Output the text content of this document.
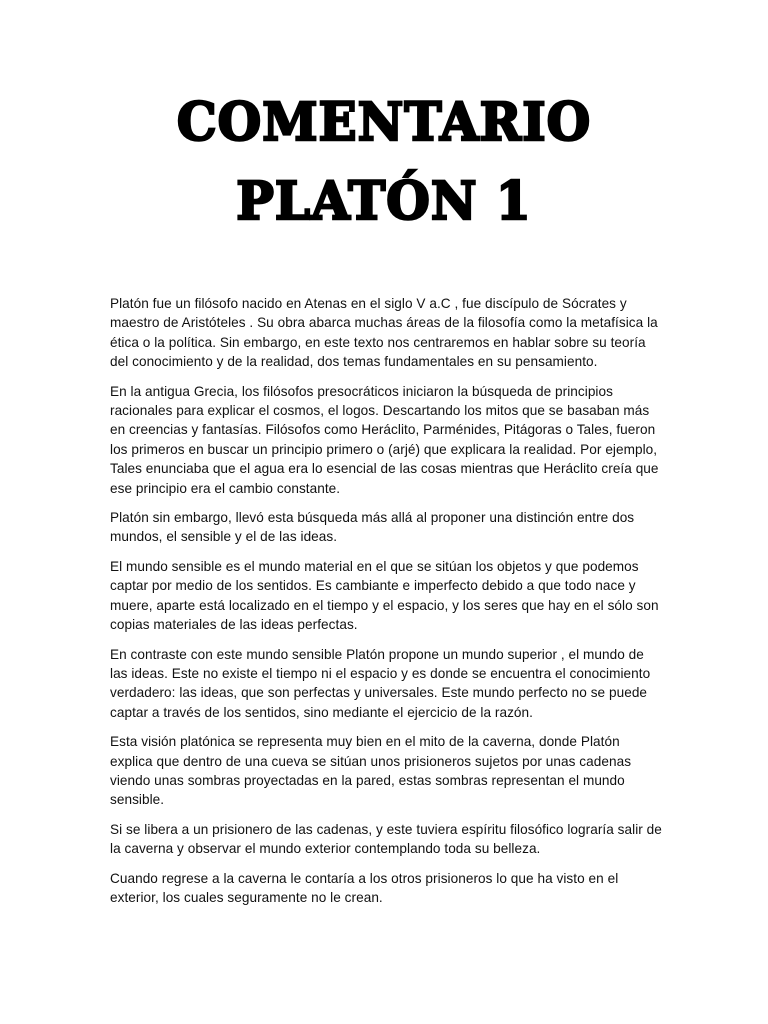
COMENTARIO
PLATÓN 1

Platón fue un filósofo nacido en Atenas en el siglo V a.C , fue discípulo de Sócrates y maestro de Aristóteles . Su obra abarca muchas áreas de la filosofía como la metafísica la ética o la política. Sin embargo, en este texto nos centraremos en hablar sobre su teoría del conocimiento y de la realidad, dos temas fundamentales en su pensamiento.

En la antigua Grecia, los filósofos presocráticos iniciaron la búsqueda de principios racionales para explicar el cosmos, el logos. Descartando los mitos que se basaban más en creencias y fantasías. Filósofos como Heráclito, Parménides, Pitágoras o Tales, fueron los primeros en buscar un principio primero o (arjé) que explicara la realidad. Por ejemplo, Tales enunciaba que el agua era lo esencial de las cosas mientras que Heráclito creía que ese principio era el cambio constante.

Platón sin embargo, llevó esta búsqueda más allá al proponer una distinción entre dos mundos, el sensible y el de las ideas.

El mundo sensible es el mundo material en el que se sitúan los objetos y que podemos captar por medio de los sentidos. Es cambiante e imperfecto debido a que todo nace y muere, aparte está localizado en el tiempo y el espacio, y los seres que hay en el sólo son copias materiales de las ideas perfectas.

En contraste con este mundo sensible Platón propone un mundo superior , el mundo de las ideas. Este no existe el tiempo ni el espacio y es donde se encuentra el conocimiento verdadero: las ideas, que son perfectas y universales. Este mundo perfecto no se puede captar a través de los sentidos, sino mediante el ejercicio de la razón.

Esta visión platónica se representa muy bien en el mito de la caverna, donde Platón explica que dentro de una cueva se sitúan unos prisioneros sujetos por unas cadenas viendo unas sombras proyectadas en la pared, estas sombras representan el mundo sensible.

Si se libera a un prisionero de las cadenas, y este tuviera espíritu filosófico lograría salir de la caverna y observar el mundo exterior contemplando toda su belleza.

Cuando regrese a la caverna le contaría a los otros prisioneros lo que ha visto en el exterior, los cuales seguramente no le crean.
